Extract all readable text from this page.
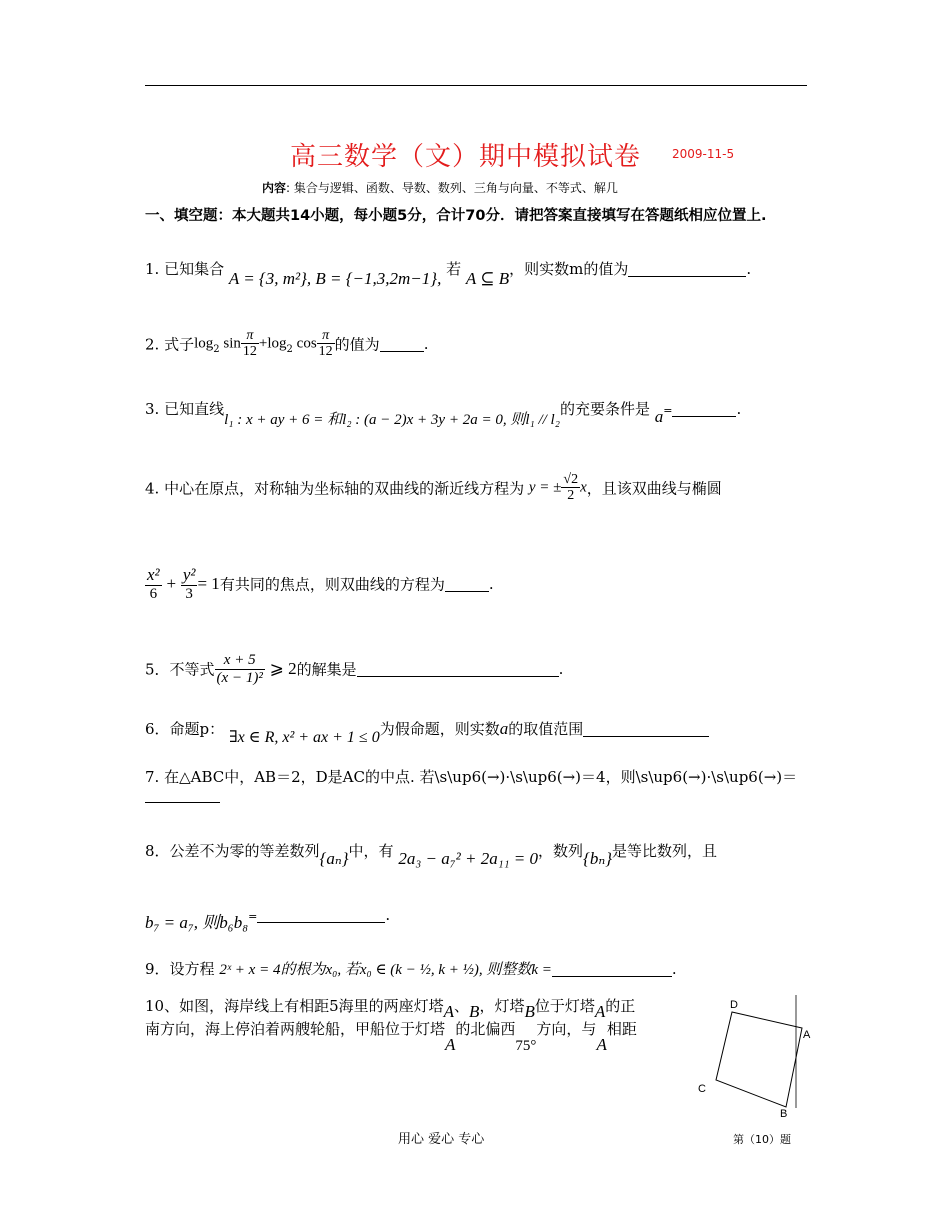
高三数学（文）期中模拟试卷	2009-11-5
内容: 集合与逻辑、函数、导数、数列、三角与向量、不等式、解几
一、填空题：本大题共14小题，每小题5分，合计70分．请把答案直接填写在答题纸相应位置上.
1. 已知集合 A = {3, m²}, B = {−1,3,2m−1}, 若 A ⊆ B，则实数m的值为	.
2. 式子$\log_2 \sin \frac{\pi}{12} +\log_2$ $\cos \frac{\pi}{12}$ 的值为	.
3. 已知直线l₁ : x + ay + 6 = 和l₂ : (a − 2)x + 3y + 2a = 0, 则l₁ // l₂的充要条件是 a=	.
4. 中心在原点，对称轴为坐标轴的双曲线的渐近线方程为 y = ± $\frac{√2}{2}$ x，且该双曲线与椭圆
$\frac{\text{x²}}{6} + \frac{\text{y²}}{3} = 1$有共同的焦点，则双曲线的方程为	.
5．不等式 $\frac{x + 5}{\text{(x − 1)²}}$ ⩾ 2的解集是	.
6．命题p： ∃x ∈ R, x² + ax + 1 ≤ 0为假命题，则实数a的取值范围
7. 在△ABC中，AB＝2，D是AC的中点. 若\s\up6(→)·\s\up6(→)＝4，则\s\up6(→)·\s\up6(→)＝
8．公差不为零的等差数列{aₙ}中，有 2a₃ − a₇² + 2a₁₁ = 0，数列{bₙ}是等比数列，且
b₇ = a₇, 则b₆b₈=	.
9．设方程 2ˣ + x = 4的根为x₀, 若x₀ ∈ (k − ½, k + ½), 则整数k =	.
10、如图，海岸线上有相距5海里的两座灯塔A、B，灯塔B位于灯塔A的正
南方向，海上停泊着两艘轮船，甲船位于灯塔A的北偏西75°方向，与A相距
D
A
C
B
第（10）题
用心 爱心 专心
